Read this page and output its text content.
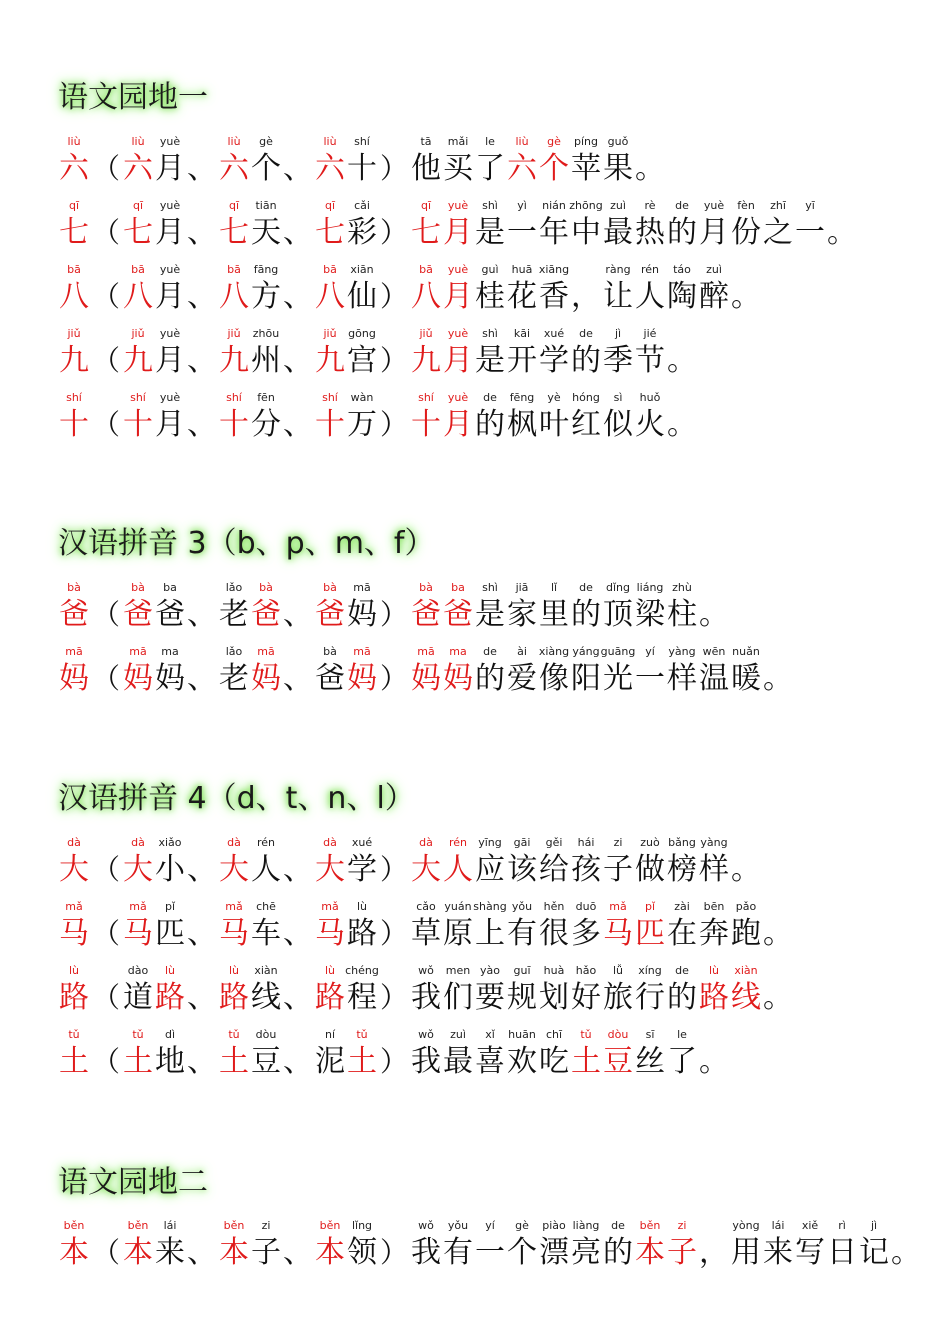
语文园地一
liù
六 （
liù
六
yuè
月 、
liù
六
gè
个 、
liù
六
shí
十 ）
tā
他
mǎi
买
le
了
liù
六
gè
个
píng
苹
guǒ
果 。
qī
七 （
qī
七
yuè
月 、
qī
七
tiān
天 、
qī
七
cǎi
彩 ）
qī
七
yuè
月
shì
是
yì
一
nián
年
zhōng
中
zuì
最
rè
热
de
的
yuè
月
fèn
份
zhī
之
yī
一 。
bā
八 （
bā
八
yuè
月 、
bā
八
fāng
方 、
bā
八
xiān
仙 ）
bā
八
yuè
月
guì
桂
huā
花
xiāng
香 ，
ràng
让
rén
人
táo
陶
zuì
醉 。
jiǔ
九 （
jiǔ
九
yuè
月 、
jiǔ
九
zhōu
州 、
jiǔ
九
gōng
宫 ）
jiǔ
九
yuè
月
shì
是
kāi
开
xué
学
de
的
jì
季
jié
节 。
shí
十 （
shí
十
yuè
月 、
shí
十
fēn
分 、
shí
十
wàn
万 ）
shí
十
yuè
月
de
的
fēng
枫
yè
叶
hóng
红
sì
似
huǒ
火 。
汉语拼音 3（b、p、m、f）
bà
爸 （
bà
爸
ba
爸 、
lǎo
老
bà
爸 、
bà
爸
mā
妈 ）
bà
爸
ba
爸
shì
是
jiā
家
lǐ
里
de
的
dǐng
顶
liáng
梁
zhù
柱 。
mā
妈 （
mā
妈
ma
妈 、
lǎo
老
mā
妈 、
bà
爸
mā
妈 ）
mā
妈
ma
妈
de
的
ài
爱
xiàng
像
yáng
阳
guāng
光
yí
一
yàng
样
wēn
温
nuǎn
暖 。
汉语拼音 4（d、t、n、l）
dà
大 （
dà
大
xiǎo
小 、
dà
大
rén
人 、
dà
大
xué
学 ）
dà
大
rén
人
yīng
应
gāi
该
gěi
给
hái
孩
zi
子
zuò
做
bǎng
榜
yàng
样 。
mǎ
马 （
mǎ
马
pǐ
匹 、
mǎ
马
chē
车 、
mǎ
马
lù
路 ）
cǎo
草
yuán
原
shàng
上
yǒu
有
hěn
很
duō
多
mǎ
马
pǐ
匹
zài
在
bēn
奔
pǎo
跑 。
lù
路 （
dào
道
lù
路 、
lù
路
xiàn
线 、
lù
路
chéng
程 ）
wǒ
我
men
们
yào
要
guī
规
huà
划
hǎo
好
lǚ
旅
xíng
行
de
的
lù
路
xiàn
线 。
tǔ
土 （
tǔ
土
dì
地 、
tǔ
土
dòu
豆 、
ní
泥
tǔ
土 ）
wǒ
我
zuì
最
xǐ
喜
huān
欢
chī
吃
tǔ
土
dòu
豆
sī
丝
le
了 。
语文园地二
běn
本 （
běn
本
lái
来 、
běn
本
zi
子 、
běn
本
lǐng
领 ）
wǒ
我
yǒu
有
yí
一
gè
个
piào
漂
liàng
亮
de
的
běn
本
zi
子 ，
yòng
用
lái
来
xiě
写
rì
日
jì
记 。
